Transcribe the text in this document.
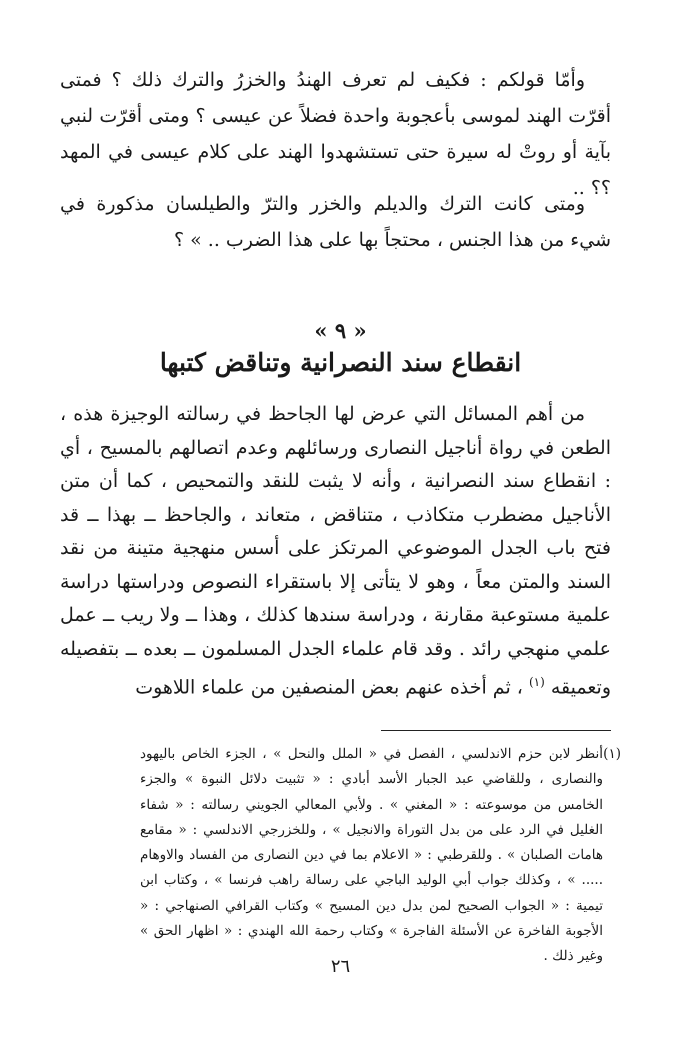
وأمّا قولكم : فكيف لم تعرف الهندُ والخزرُ والترك ذلك ؟ فمتى أقرّت الهند لموسى بأعجوبة واحدة فضلاً عن عيسى ؟ ومتى أقرّت لنبي بآية أو روتْ له سيرة حتى تستشهدوا الهند على كلام عيسى في المهد ؟؟ ..

ومتى كانت الترك والديلم والخزر والترّ والطيلسان مذكورة في شيء من هذا الجنس ، محتجاً بها على هذا الضرب .. » ؟

« ٩ »
انقطاع سند النصرانية وتناقض كتبها

من أهم المسائل التي عرض لها الجاحظ في رسالته الوجيزة هذه ، الطعن في رواة أناجيل النصارى ورسائلهم وعدم اتصالهم بالمسيح ، أي : انقطاع سند النصرانية ، وأنه لا يثبت للنقد والتمحيص ، كما أن متن الأناجيل مضطرب متكاذب ، متناقض ، متعاند ، والجاحظ ــ بهذا ــ قد فتح باب الجدل الموضوعي المرتكز على أسس منهجية متينة من نقد السند والمتن معاً ، وهو لا يتأتى إلا باستقراء النصوص ودراستها دراسة علمية مستوعبة مقارنة ، ودراسة سندها كذلك ، وهذا ــ ولا ريب ــ عمل علمي منهجي رائد . وقد قام علماء الجدل المسلمون ــ بعده ــ بتفصيله وتعميقه $^{(١)}$ ، ثم أخذه عنهم بعض المنصفين من علماء اللاهوت

(١)

أنظر لابن حزم الاندلسي ، الفصل في « الملل والنحل » ، الجزء الخاص باليهود والنصارى ، وللقاضي عبد الجبار الأسد أبادي : « تثبيت دلائل النبوة » والجزء الخامس من موسوعته : « المغني » . ولأبي المعالي الجويني رسالته : « شفاء الغليل في الرد على من بدل التوراة والانجيل » ، وللخزرجي الاندلسي : « مقامع هامات الصلبان » . وللقرطبي : « الاعلام بما في دين النصارى من الفساد والاوهام ..... » ، وكذلك جواب أبي الوليد الباجي على رسالة راهب فرنسا » ، وكتاب ابن تيمية : « الجواب الصحيح لمن بدل دين المسيح » وكتاب القرافي الصنهاجي : « الأجوبة الفاخرة عن الأسئلة الفاجرة » وكتاب رحمة الله الهندي : « اظهار الحق » وغير ذلك .

٢٦
